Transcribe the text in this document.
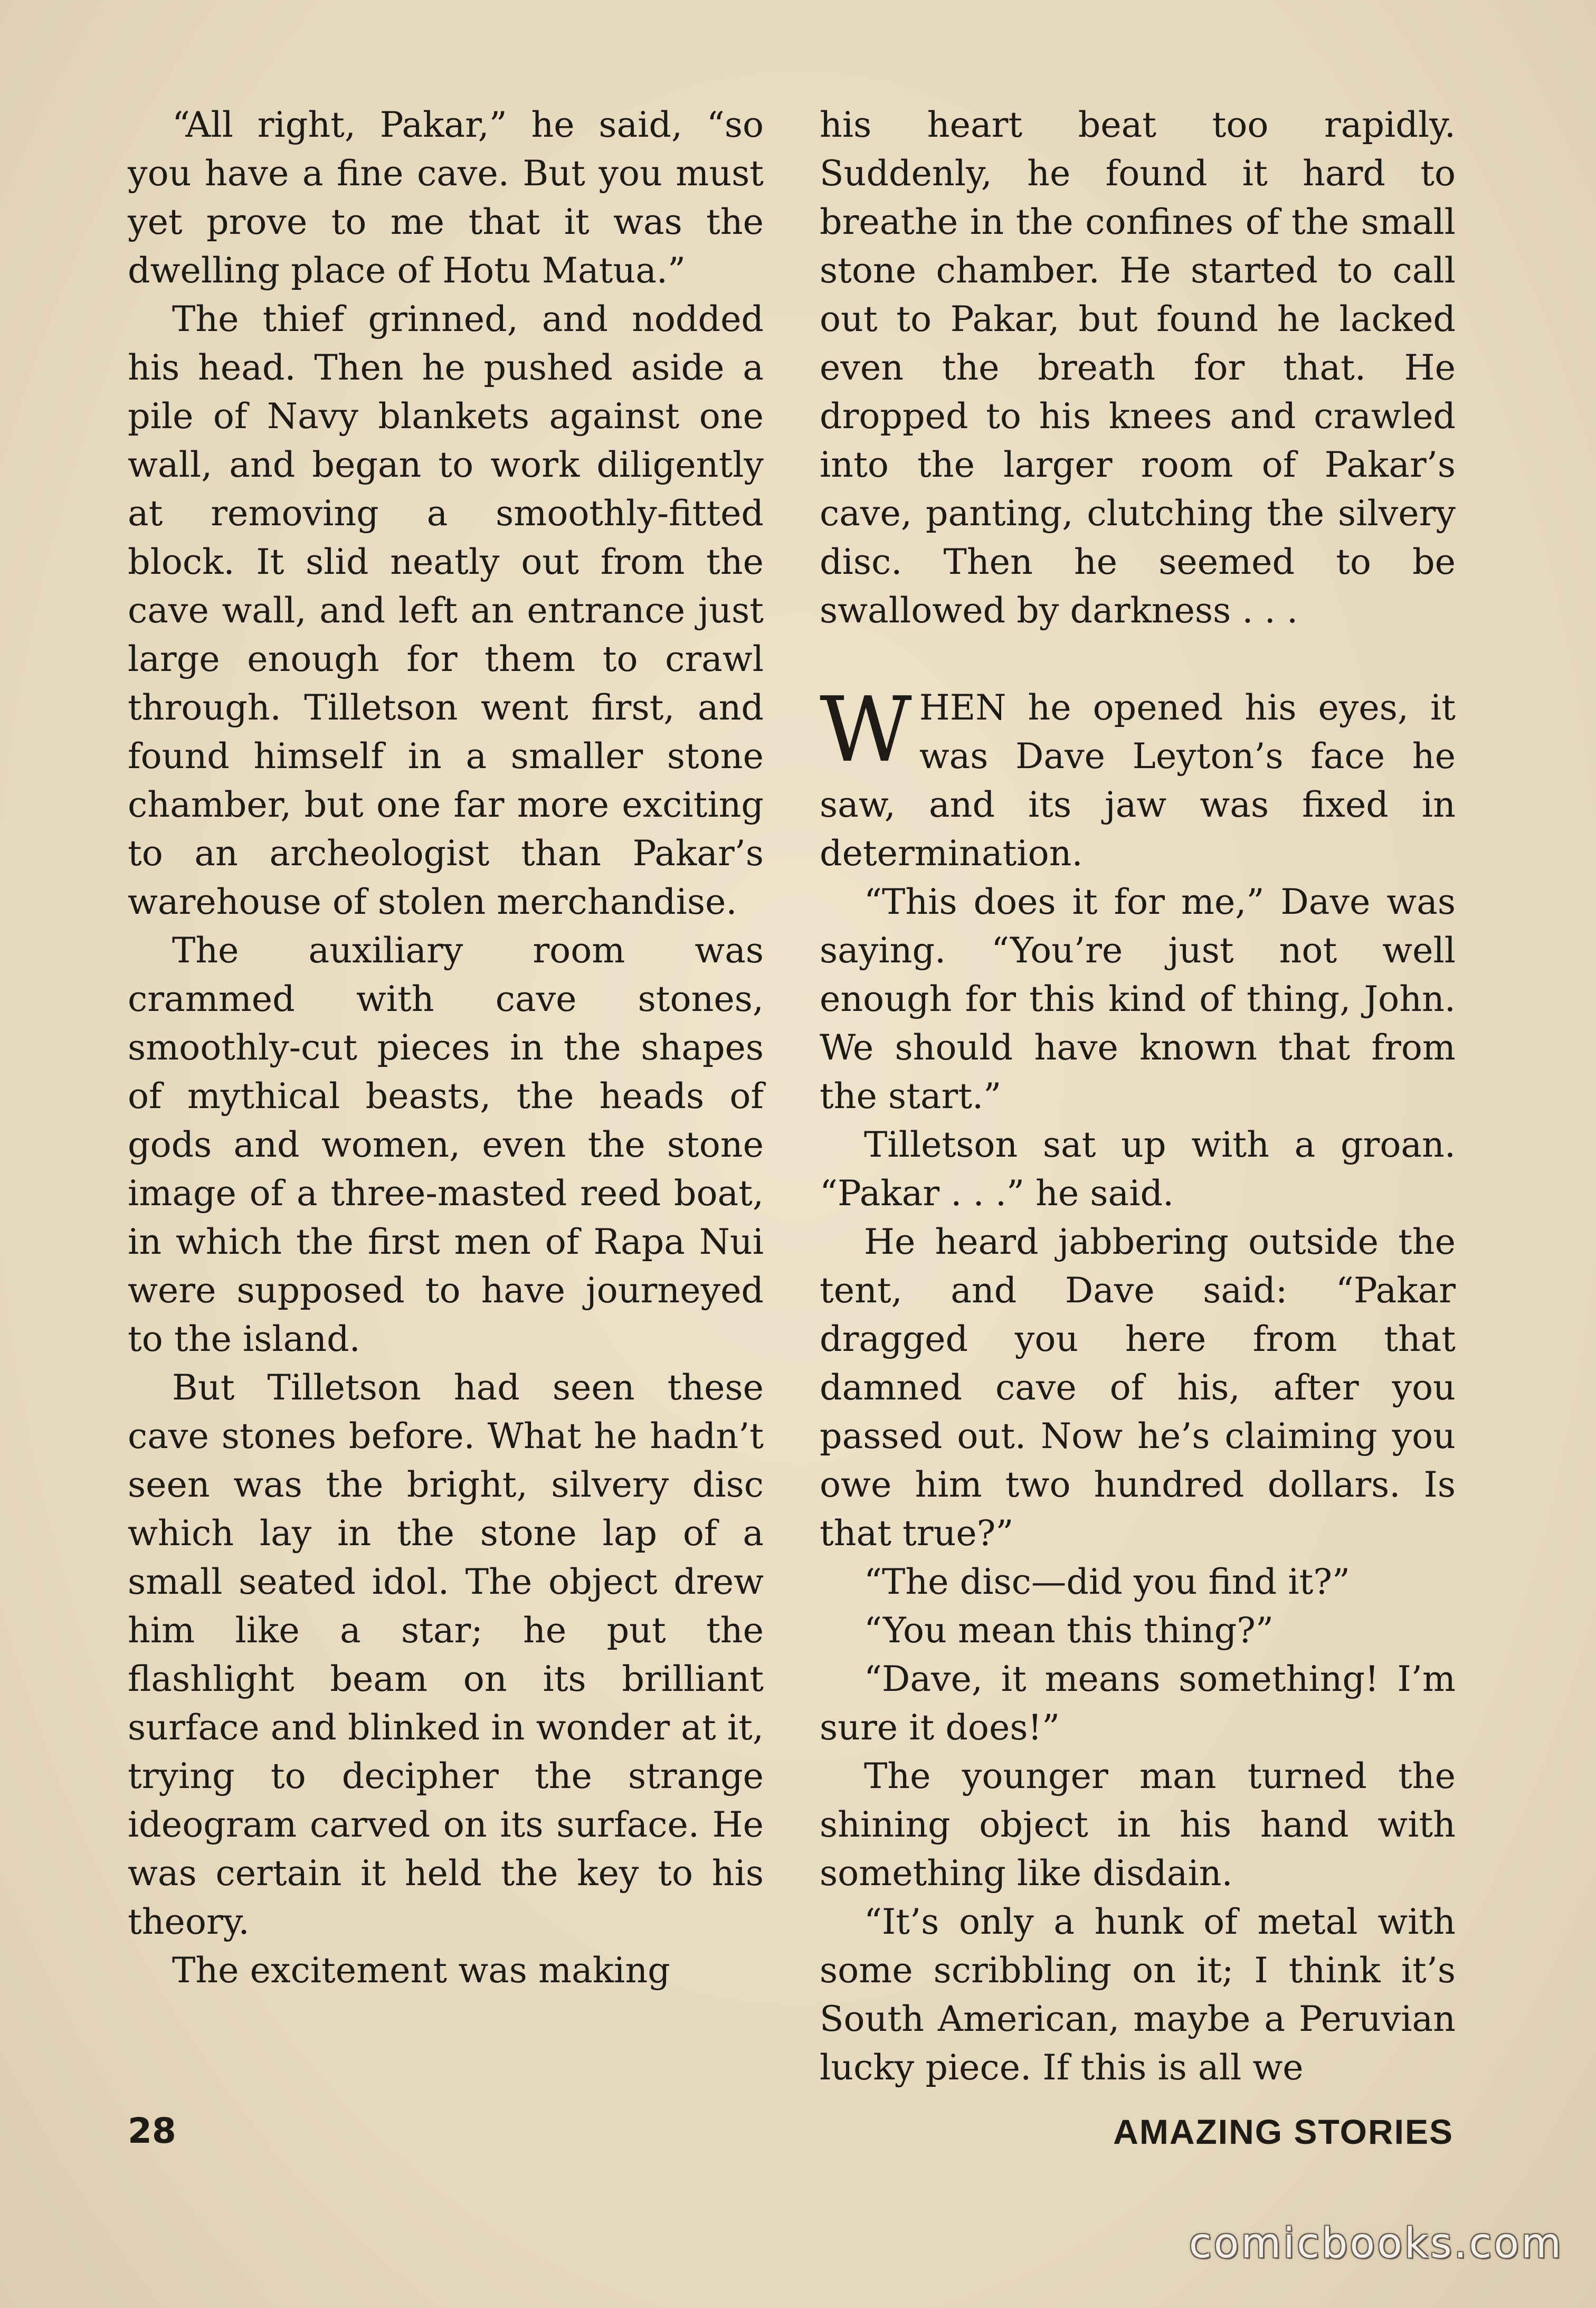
“All right, Pakar,” he said, “so you have a fine cave. But you must yet prove to me that it was the dwelling place of Hotu Matua.”

The thief grinned, and nodded his head. Then he pushed aside a pile of Navy blankets against one wall, and began to work diligently at removing a smoothly-fitted block. It slid neatly out from the cave wall, and left an entrance just large enough for them to crawl through. Tilletson went first, and found himself in a smaller stone chamber, but one far more exciting to an archeologist than Pakar’s warehouse of stolen merchandise.

The auxiliary room was crammed with cave stones, smoothly-cut pieces in the shapes of mythical beasts, the heads of gods and women, even the stone image of a three-masted reed boat, in which the first men of Rapa Nui were supposed to have journeyed to the island.

But Tilletson had seen these cave stones before. What he hadn’t seen was the bright, silvery disc which lay in the stone lap of a small seated idol. The object drew him like a star; he put the flashlight beam on its brilliant surface and blinked in wonder at it, trying to decipher the strange ideogram carved on its surface. He was certain it held the key to his theory.

The excitement was making

his heart beat too rapidly. Suddenly, he found it hard to breathe in the confines of the small stone chamber. He started to call out to Pakar, but found he lacked even the breath for that. He dropped to his knees and crawled into the larger room of Pakar’s cave, panting, clutching the silvery disc. Then he seemed to be swallowed by darkness . . .

WHEN he opened his eyes, it was Dave Leyton’s face he saw, and its jaw was fixed in determination.

“This does it for me,” Dave was saying. “You’re just not well enough for this kind of thing, John. We should have known that from the start.”

Tilletson sat up with a groan. “Pakar . . .” he said.

He heard jabbering outside the tent, and Dave said: “Pakar dragged you here from that damned cave of his, after you passed out. Now he’s claiming you owe him two hundred dollars. Is that true?”

“The disc—did you find it?”

“You mean this thing?”

“Dave, it means something! I’m sure it does!”

The younger man turned the shining object in his hand with something like disdain.

“It’s only a hunk of metal with some scribbling on it; I think it’s South American, maybe a Peruvian lucky piece. If this is all we

28	AMAZING STORIES
comicbooks.com
